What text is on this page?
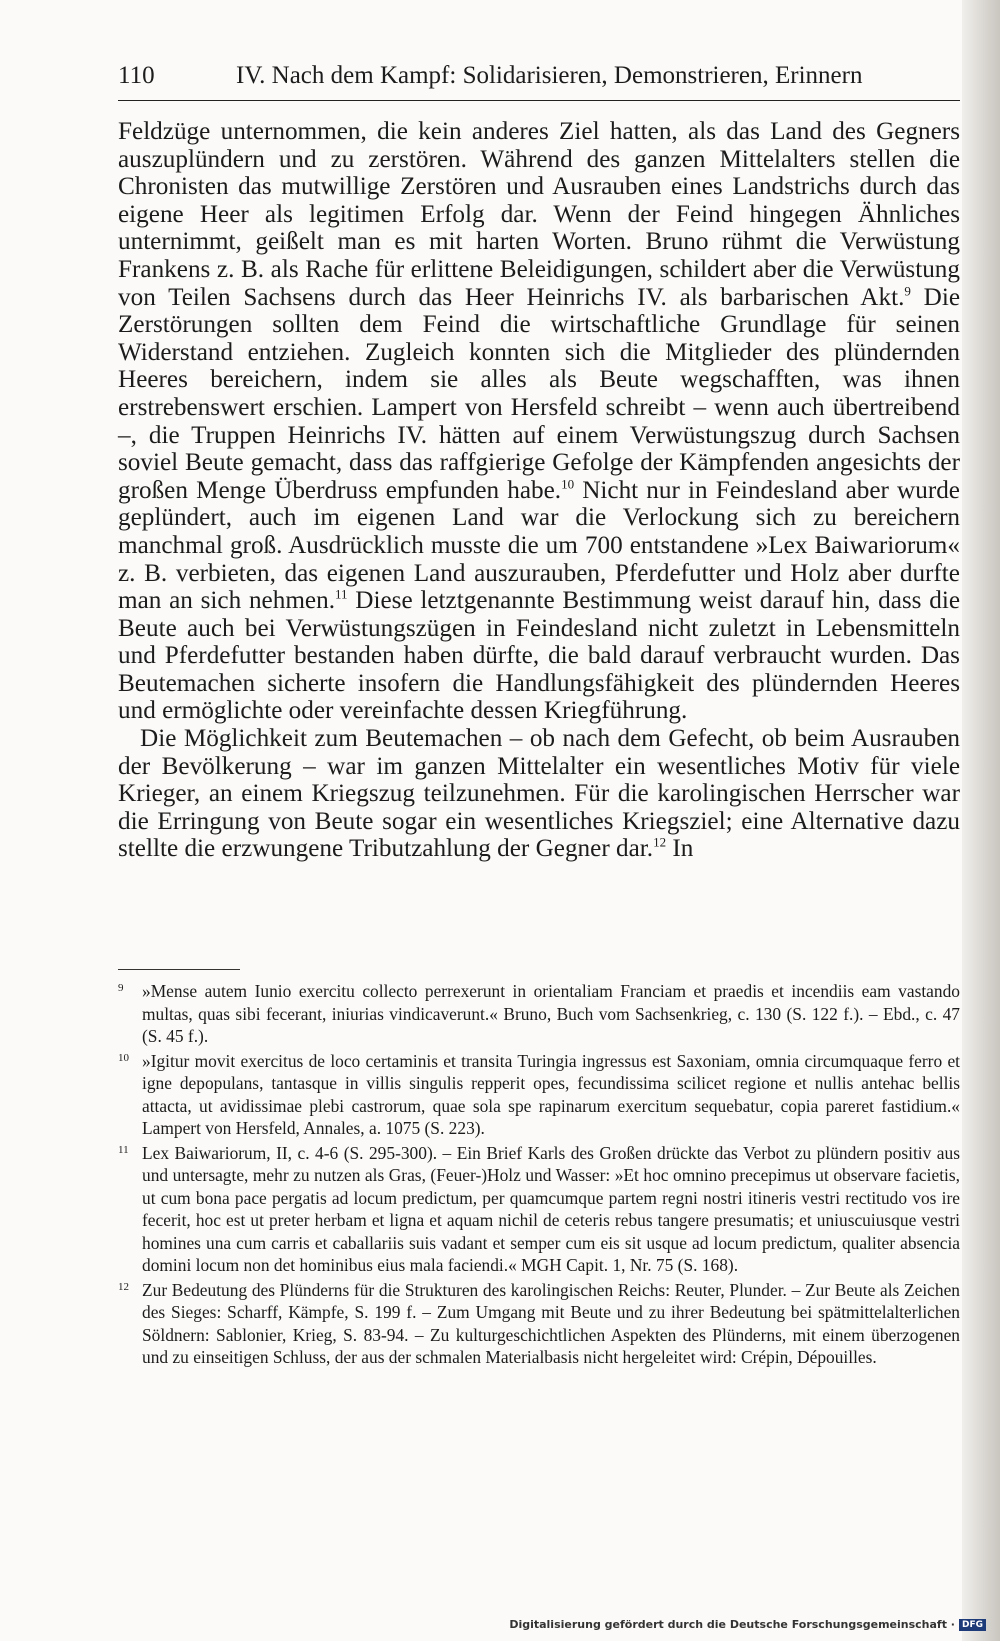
110	IV. Nach dem Kampf: Solidarisieren, Demonstrieren, Erinnern

Feldzüge unternommen, die kein anderes Ziel hatten, als das Land des Gegners auszuplündern und zu zerstören. Während des ganzen Mittelalters stellen die Chronisten das mutwillige Zerstören und Ausrauben eines Landstrichs durch das eigene Heer als legitimen Erfolg dar. Wenn der Feind hingegen Ähnliches unternimmt, geißelt man es mit harten Worten. Bruno rühmt die Verwüstung Frankens z. B. als Rache für erlittene Beleidigungen, schildert aber die Verwüstung von Teilen Sachsens durch das Heer Heinrichs IV. als barbarischen Akt.$^9$ Die Zerstörungen sollten dem Feind die wirtschaftliche Grundlage für seinen Widerstand entziehen. Zugleich konnten sich die Mitglieder des plündernden Heeres bereichern, indem sie alles als Beute wegschafften, was ihnen erstrebenswert erschien. Lampert von Hersfeld schreibt – wenn auch übertreibend –, die Truppen Heinrichs IV. hätten auf einem Verwüstungszug durch Sachsen soviel Beute gemacht, dass das raffgierige Gefolge der Kämpfenden angesichts der großen Menge Überdruss empfunden habe.$^{10}$ Nicht nur in Feindesland aber wurde geplündert, auch im eigenen Land war die Verlockung sich zu bereichern manchmal groß. Ausdrücklich musste die um 700 entstandene »Lex Baiwariorum« z. B. verbieten, das eigenen Land auszurauben, Pferdefutter und Holz aber durfte man an sich nehmen.$^{11}$ Diese letztgenannte Bestimmung weist darauf hin, dass die Beute auch bei Verwüstungszügen in Feindesland nicht zuletzt in Lebensmitteln und Pferdefutter bestanden haben dürfte, die bald darauf verbraucht wurden. Das Beutemachen sicherte insofern die Handlungsfähigkeit des plündernden Heeres und ermöglichte oder vereinfachte dessen Kriegführung.

Die Möglichkeit zum Beutemachen – ob nach dem Gefecht, ob beim Ausrauben der Bevölkerung – war im ganzen Mittelalter ein wesentliches Motiv für viele Krieger, an einem Kriegszug teilzunehmen. Für die karolingischen Herrscher war die Erringung von Beute sogar ein wesentliches Kriegsziel; eine Alternative dazu stellte die erzwungene Tributzahlung der Gegner dar.$^{12}$ In

9 »Mense autem Iunio exercitu collecto perrexerunt in orientaliam Franciam et praedis et incendiis eam vastando multas, quas sibi fecerant, iniurias vindicaverunt.« Bruno, Buch vom Sachsenkrieg, c. 130 (S. 122 f.). – Ebd., c. 47 (S. 45 f.).
10 »Igitur movit exercitus de loco certaminis et transita Turingia ingressus est Saxoniam, omnia circumquaque ferro et igne depopulans, tantasque in villis singulis repperit opes, fecundissima scilicet regione et nullis antehac bellis attacta, ut avidissimae plebi castrorum, quae sola spe rapinarum exercitum sequebatur, copia pareret fastidium.« Lampert von Hersfeld, Annales, a. 1075 (S. 223).
11 Lex Baiwariorum, II, c. 4-6 (S. 295-300). – Ein Brief Karls des Großen drückte das Verbot zu plündern positiv aus und untersagte, mehr zu nutzen als Gras, (Feuer-)Holz und Wasser: »Et hoc omnino precepimus ut observare facietis, ut cum bona pace pergatis ad locum predictum, per quamcumque partem regni nostri itineris vestri rectitudo vos ire fecerit, hoc est ut preter herbam et ligna et aquam nichil de ceteris rebus tangere presumatis; et uniuscuiusque vestri homines una cum carris et caballariis suis vadant et semper cum eis sit usque ad locum predictum, qualiter absencia domini locum non det hominibus eius mala faciendi.« MGH Capit. 1, Nr. 75 (S. 168).
12 Zur Bedeutung des Plünderns für die Strukturen des karolingischen Reichs: Reuter, Plunder. – Zur Beute als Zeichen des Sieges: Scharff, Kämpfe, S. 199 f. – Zum Umgang mit Beute und zu ihrer Bedeutung bei spätmittelalterlichen Söldnern: Sablonier, Krieg, S. 83-94. – Zu kulturgeschichtlichen Aspekten des Plünderns, mit einem überzogenen und zu einseitigen Schluss, der aus der schmalen Materialbasis nicht hergeleitet wird: Crépin, Dépouilles.
Digitalisierung gefördert durch die Deutsche Forschungsgemeinschaft · DFG
